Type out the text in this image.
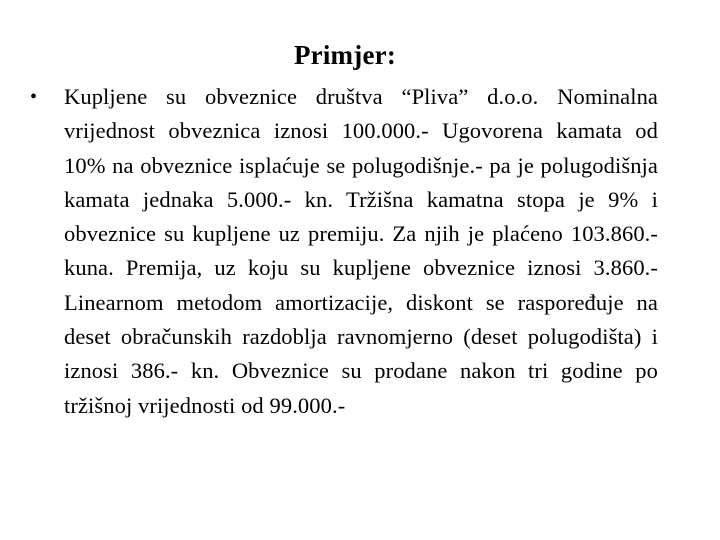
Primjer:
•	Kupljene su obveznice društva “Pliva” d.o.o. Nominalna vrijednost obveznica iznosi 100.000.- Ugovorena kamata od 10% na obveznice isplaćuje se polugodišnje.- pa je polugodišnja kamata jednaka 5.000.- kn. Tržišna kamatna stopa je 9% i obveznice su kupljene uz premiju. Za njih je plaćeno 103.860.- kuna. Premija, uz koju su kupljene obveznice iznosi 3.860.- Linearnom metodom amortizacije, diskont se raspoređuje na deset obračunskih razdoblja ravnomjerno (deset polugodišta) i iznosi 386.- kn. Obveznice su prodane nakon tri godine po tržišnoj vrijednosti od 99.000.-
